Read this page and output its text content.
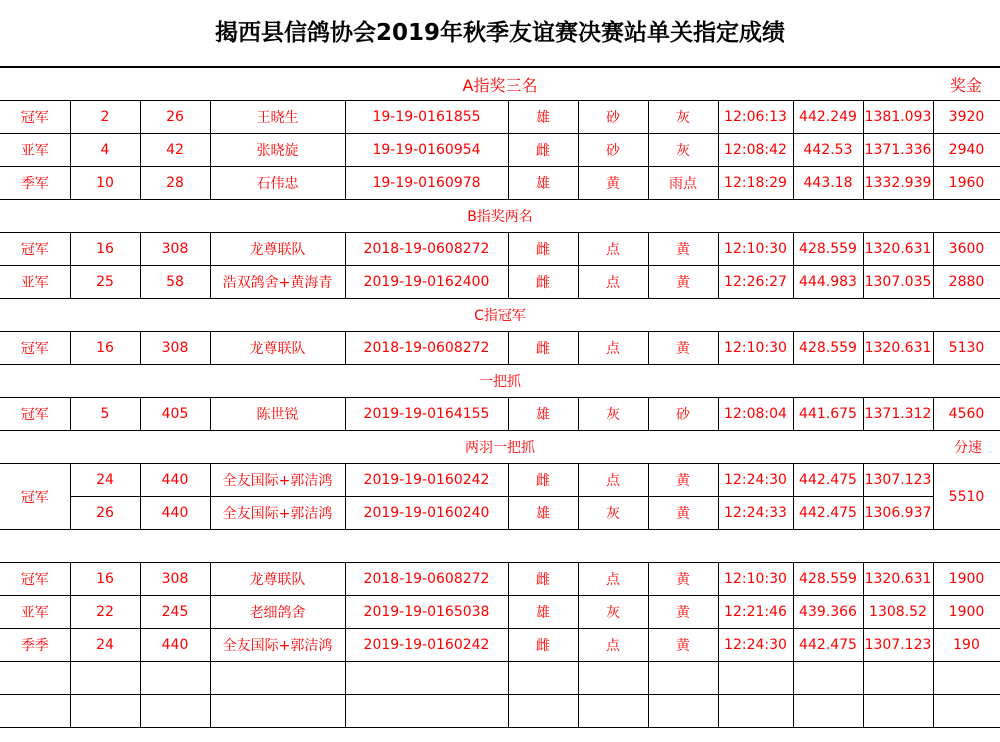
揭西县信鸽协会2019年秋季友谊赛决赛站单关指定成绩
A指奖三名 奖金											

冠军	2	26	王晓生	19-19-0161855	雄	砂	灰	12:06:13	442.249	1381.093	3920
亚军	4	42	张晓旋	19-19-0160954	雌	砂	灰	12:08:42	442.53	1371.336	2940
季军	10	28	石伟忠	19-19-0160978	雄	黄	雨点	12:18:29	443.18	1332.939	1960

B指奖两名											

冠军	16	308	龙尊联队	2018-19-0608272	雌	点	黄	12:10:30	428.559	1320.631	3600
亚军	25	58	浩双鸽舍+黄海青	2019-19-0162400	雌	点	黄	12:26:27	444.983	1307.035	2880

C指冠军											

冠军	16	308	龙尊联队	2018-19-0608272	雌	点	黄	12:10:30	428.559	1320.631	5130

一把抓											

冠军	5	405	陈世锐	2019-19-0164155	雄	灰	砂	12:08:04	441.675	1371.312	4560

两羽一把抓 分速											

冠军	24	440	全友国际+郭洁鸿	2019-19-0160242	雌	点	黄	12:24:30	442.475	1307.123	5510
	26	440	全友国际+郭洁鸿	2019-19-0160240	雄	灰	黄	12:24:33	442.475	1306.937	

冠军	16	308	龙尊联队	2018-19-0608272	雌	点	黄	12:10:30	428.559	1320.631	1900
亚军	22	245	老细鸽舍	2019-19-0165038	雄	灰	黄	12:21:46	439.366	1308.52	1900
季季	24	440	全友国际+郭洁鸿	2019-19-0160242	雌	点	黄	12:24:30	442.475	1307.123	190
